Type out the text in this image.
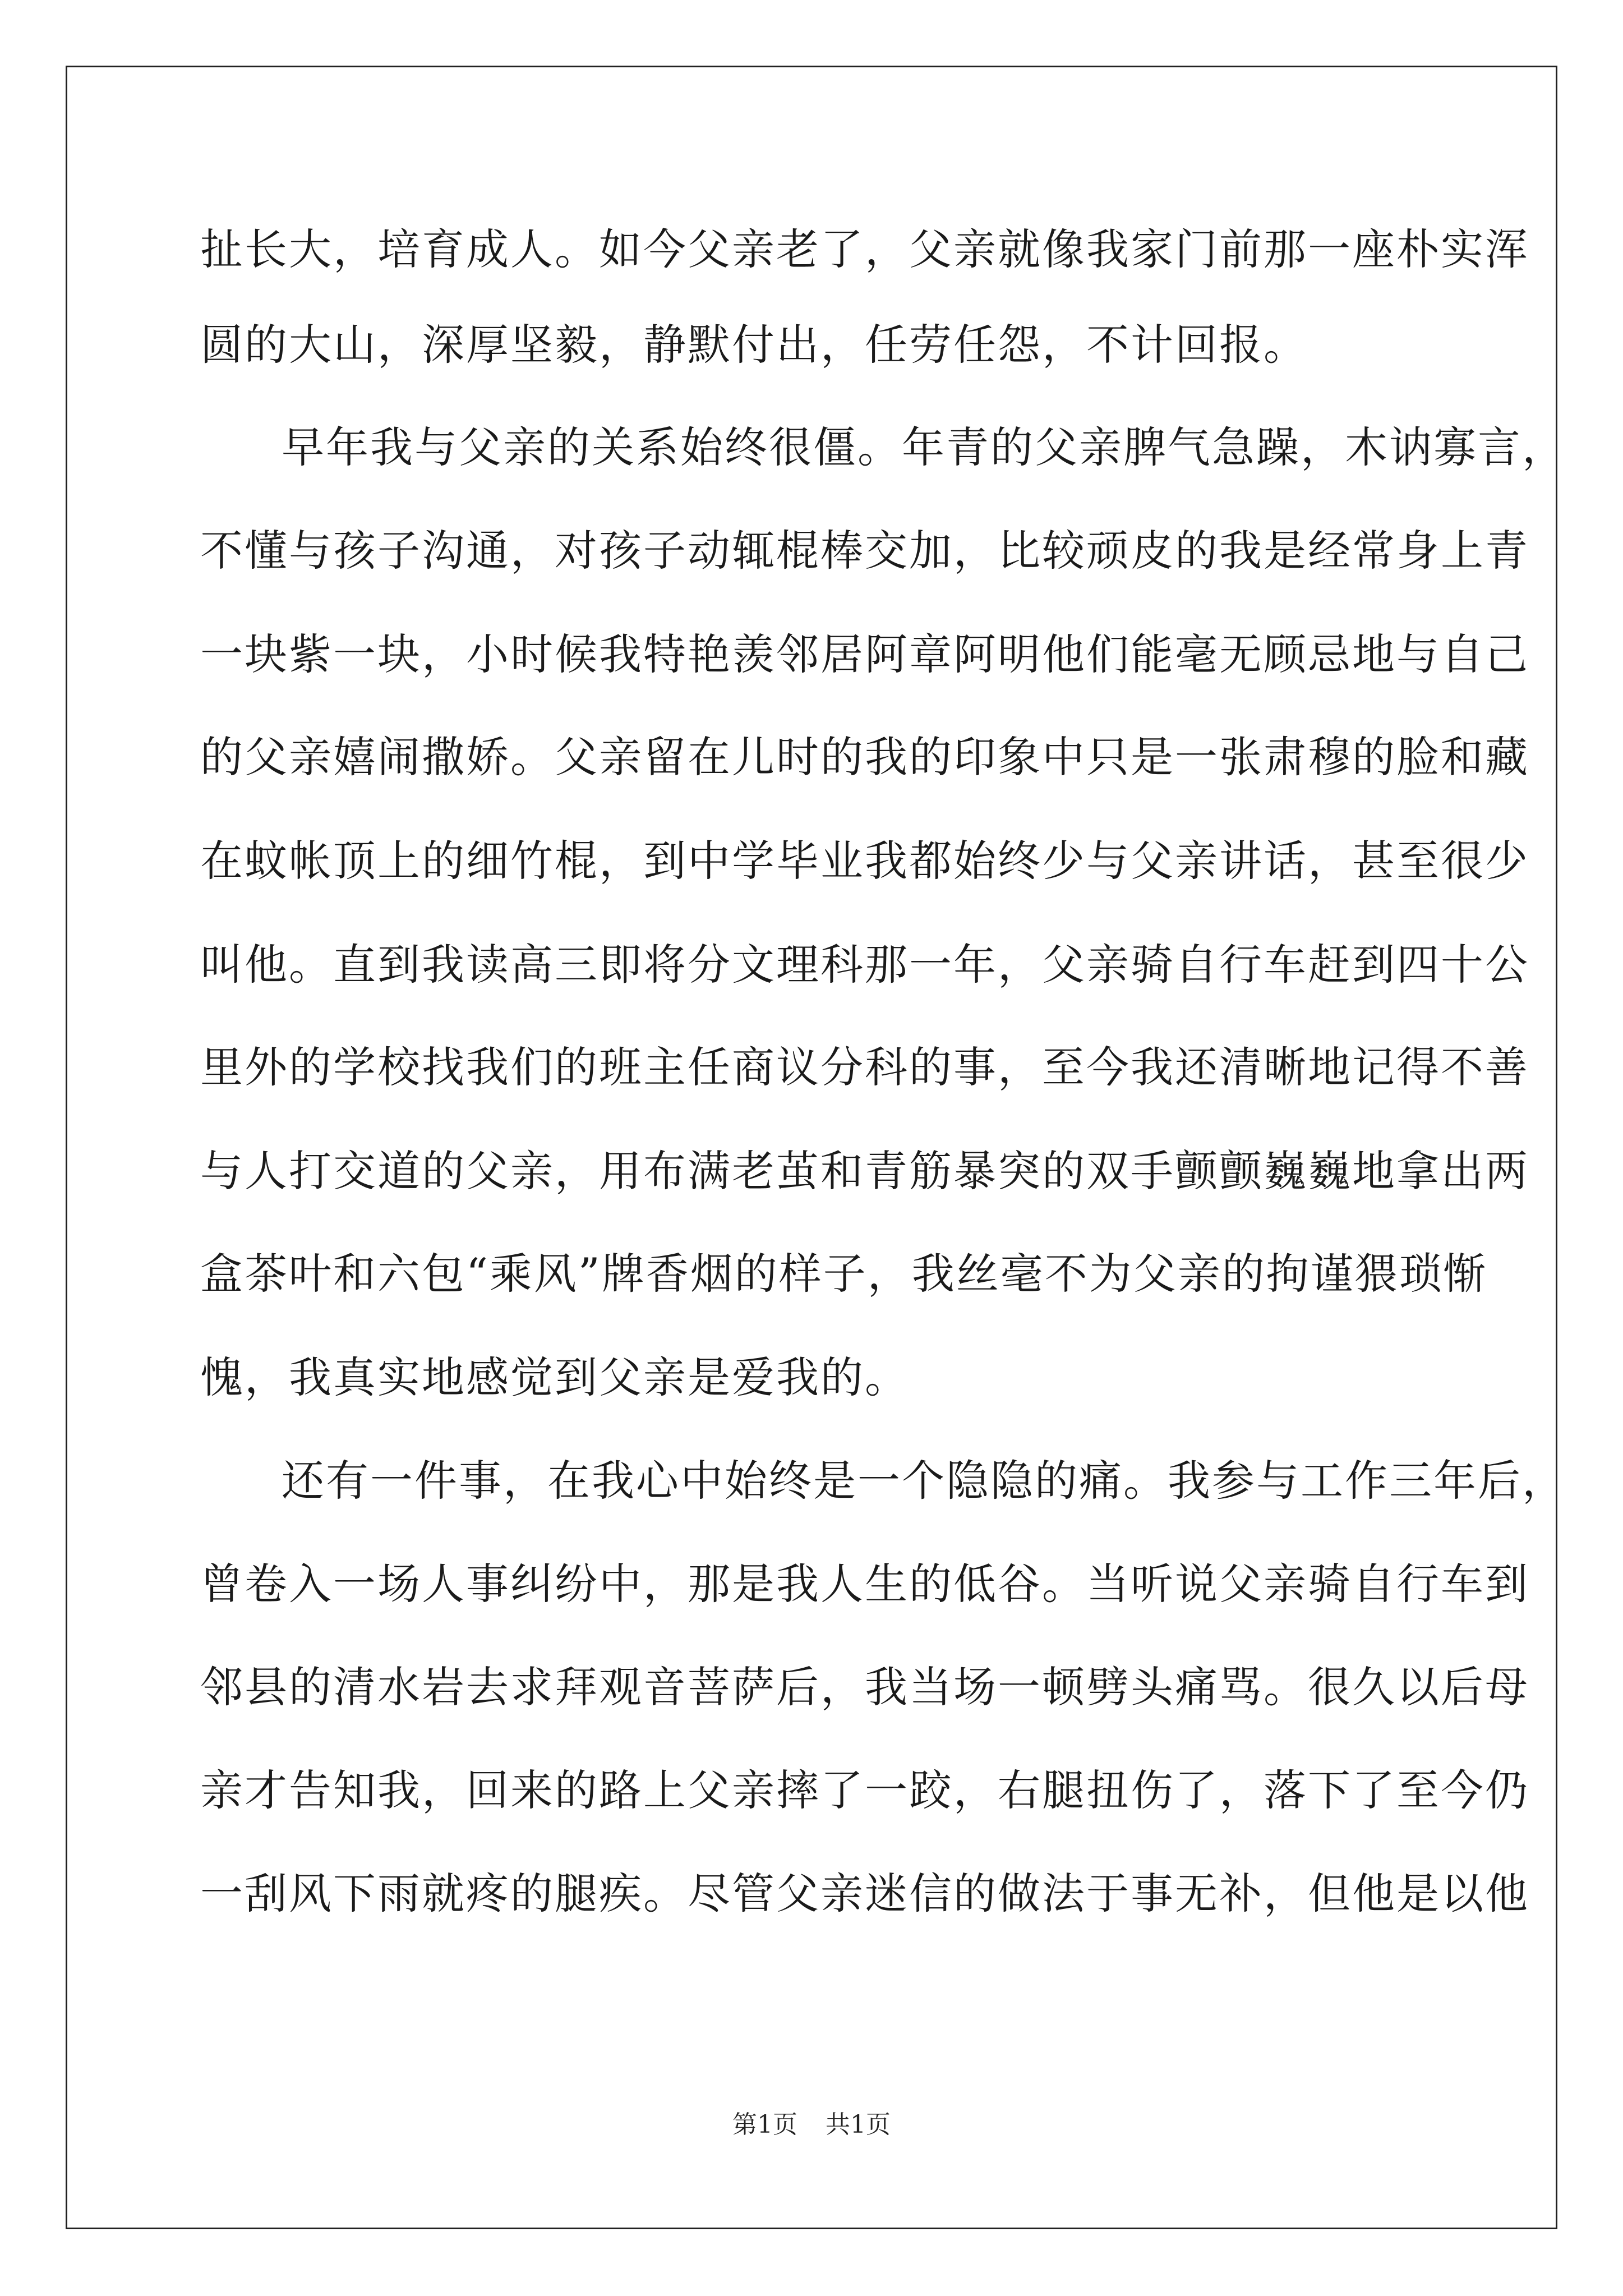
扯长大，培育成人。如今父亲老了，父亲就像我家门前那一座朴实浑
圆的大山，深厚坚毅，静默付出，任劳任怨，不计回报。
早年我与父亲的关系始终很僵。年青的父亲脾气急躁，木讷寡言，
不懂与孩子沟通，对孩子动辄棍棒交加，比较顽皮的我是经常身上青
一块紫一块，小时候我特艳羡邻居阿章阿明他们能毫无顾忌地与自己
的父亲嬉闹撒娇。父亲留在儿时的我的印象中只是一张肃穆的脸和藏
在蚊帐顶上的细竹棍，到中学毕业我都始终少与父亲讲话，甚至很少
叫他。直到我读高三即将分文理科那一年，父亲骑自行车赶到四十公
里外的学校找我们的班主任商议分科的事，至今我还清晰地记得不善
与人打交道的父亲，用布满老茧和青筋暴突的双手颤颤巍巍地拿出两
盒茶叶和六包“乘风”牌香烟的样子，我丝毫不为父亲的拘谨猥琐惭
愧，我真实地感觉到父亲是爱我的。
还有一件事，在我心中始终是一个隐隐的痛。我参与工作三年后，
曾卷入一场人事纠纷中，那是我人生的低谷。当听说父亲骑自行车到
邻县的清水岩去求拜观音菩萨后，我当场一顿劈头痛骂。很久以后母
亲才告知我，回来的路上父亲摔了一跤，右腿扭伤了，落下了至今仍
一刮风下雨就疼的腿疾。尽管父亲迷信的做法于事无补，但他是以他
第1页 共1页
